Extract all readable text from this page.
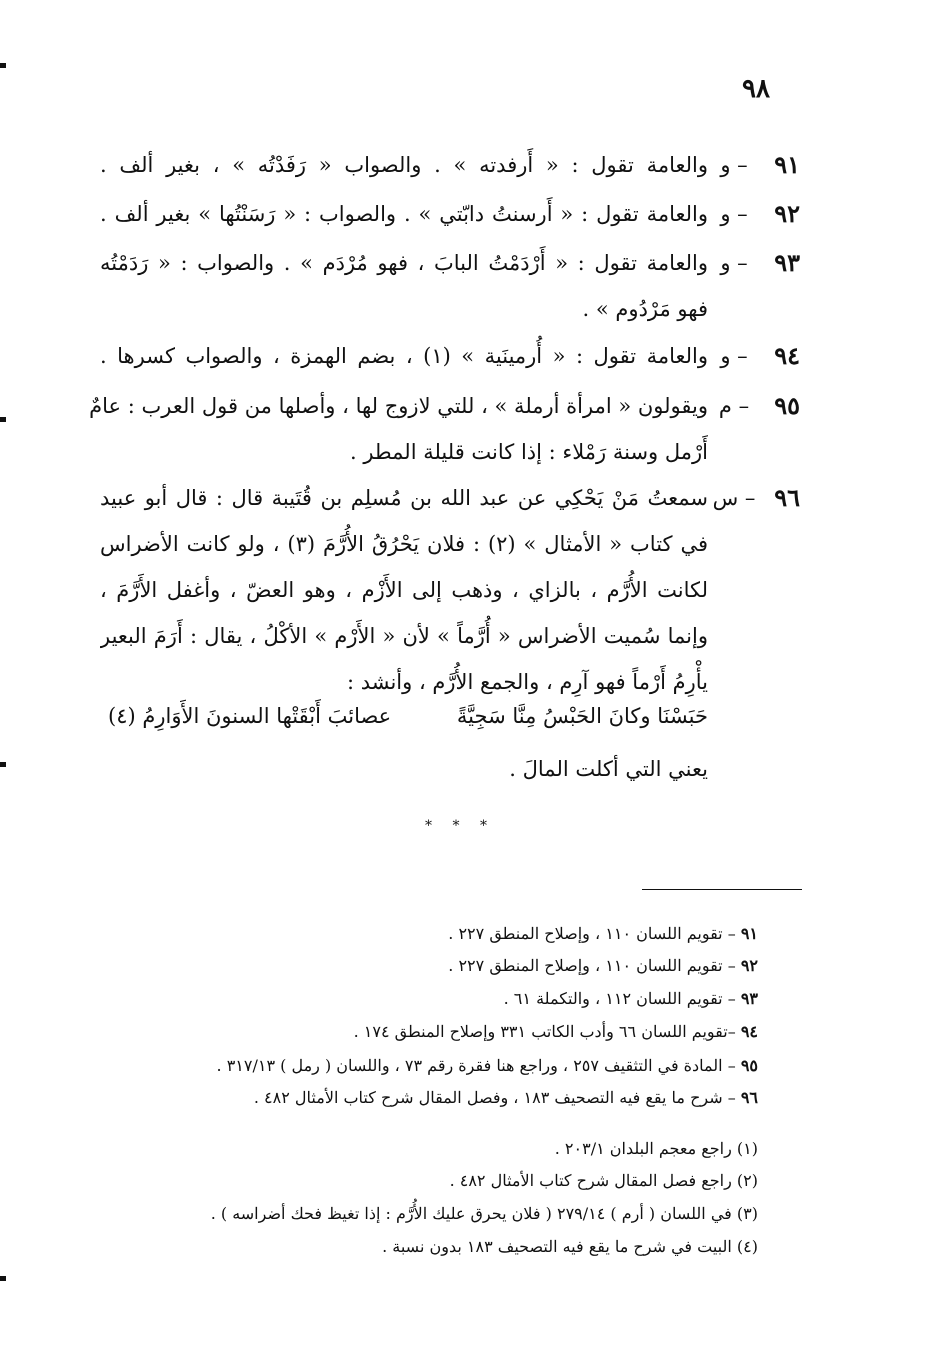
٩٨
٩١
– و
والعامة تقول : « أَرفدته » . والصواب « رَفَدْتُه » ، بغير ألف .
٩٢
– و
والعامة تقول : « أَرسنتُ دابّتي » . والصواب : « رَسَنْتُها » بغير ألف .
٩٣
– و
والعامة تقول : « أَرْدَمْتُ البابَ ، فهو مُرْدَم » . والصواب : « رَدَمْتُه
فهو مَرْدُوم » .
٩٤
– و
والعامة تقول : « أُرمينَية » (١) ، بضم الهمزة ، والصواب كسرها .
٩٥
– م
ويقولون « امرأة أرملة » ، للتي لازوج لها ، وأصلها من قول العرب : عامٌ
أَرْمل وسنة رَمْلاء : إذا كانت قليلة المطر .
٩٦
– س
سمعتُ مَنْ يَحْكِي عن عبد الله بن مُسلِم بن قُتَيبة قال : قال أبو عبيد
في كتاب « الأمثال » (٢) : فلان يَحْرُقُ الأُرَّمَ (٣) ، ولو كانت الأضراس
لكانت الأُرَّم ، بالزاي ، وذهب إلى الأَزْم ، وهو العضّ ، وأغفل الأَرَّمَ ،
وإنما سُميت الأضراس « أُرَّماً » لأن « الأَرْم » الأكْلُ ، يقال : أَرَمَ البعير
يأْرِمُ أَرْماً فهو آرِم ، والجمع الأُرَّم ، وأنشد :
حَبَسْنَا وكانَ الحَبْسُ مِنَّا سَجِيَّةً
عصائبَ أَبْقَتْها السنونَ الأَوَارِمُ (٤)
يعني التي أكلت المالَ .
* * *
٩١ – تقويم اللسان ١١٠ ، وإصلاح المنطق ٢٢٧ .
٩٢ – تقويم اللسان ١١٠ ، وإصلاح المنطق ٢٢٧ .
٩٣ – تقويم اللسان ١١٢ ، والتكملة ٦١ .
٩٤ –تقويم اللسان ٦٦ وأدب الكاتب ٣٣١ وإصلاح المنطق ١٧٤ .
٩٥ – المادة في التثقيف ٢٥٧ ، وراجع هنا فقرة رقم ٧٣ ، واللسان ( رمل ) ٣١٧/١٣ .
٩٦ – شرح ما يقع فيه التصحيف ١٨٣ ، وفصل المقال شرح كتاب الأمثال ٤٨٢ .
(١) راجع معجم البلدان ٢٠٣/١ .
(٢) راجع فصل المقال شرح كتاب الأمثال ٤٨٢ .
(٣) في اللسان ( أرم ) ٢٧٩/١٤ ( فلان يحرق عليك الأُرَّم : إذا تغيظ فحك أضراسه ) .
(٤) البيت في شرح ما يقع فيه التصحيف ١٨٣ بدون نسبة .
